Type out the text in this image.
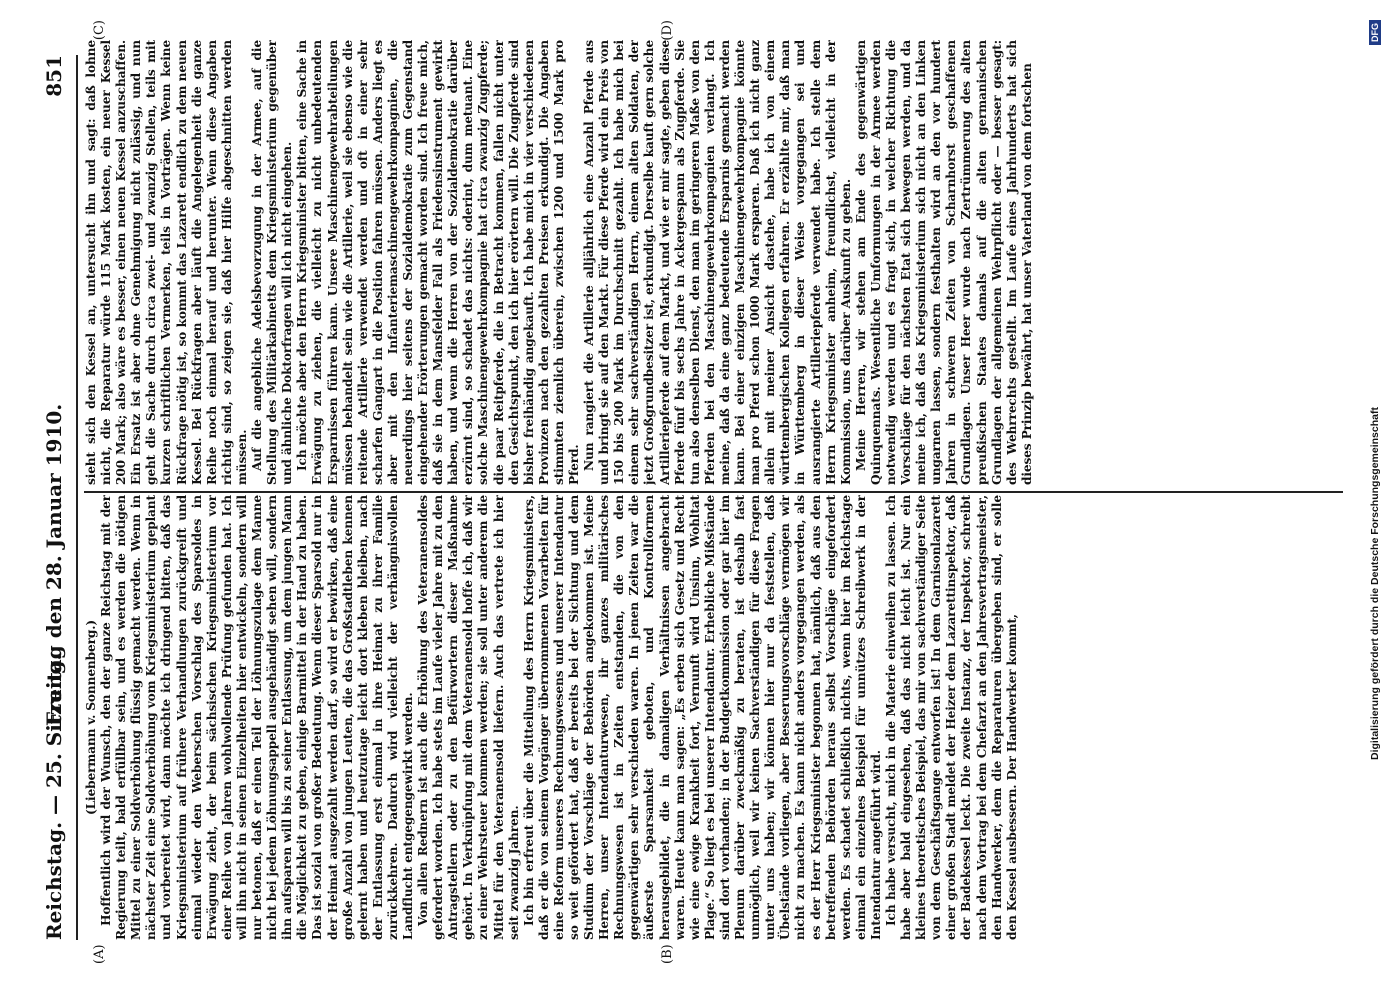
Reichstag. — 25. Sitzung.
Freitag den 28. Januar 1910. 851
(A)	(B)
(C)	(D)

(Liebermann v. Sonnenberg.) Hoffentlich wird der Wunsch, den der ganze Reichstag mit der Regierung teilt, bald erfüllbar sein, und es werden die nötigen Mittel zu einer Soldverhöhung flüssig gemacht werden. Wenn in nächster Zeit eine Soldverhöhung vom Kriegsministerium geplant und vorbereitet wird, dann möchte ich dringend bitten, daß das Kriegsministerium auf frühere Verhandlungen zurückgreift und einmal wieder den Weberschen Vorschlag des Sparsoldes in Erwägung zieht, der beim sächsischen Kriegsministerium vor einer Reihe von Jahren wohlwollende Prüfung gefunden hat. Ich will ihn nicht in seinen Einzelheiten hier entwickeln, sondern will nur betonen, daß er einen Teil der Löhnungszulage dem Manne nicht bei jedem Löhnungsappell ausgehändigt sehen will, sondern ihn aufsparen will bis zu seiner Entlassung, um dem jungen Mann die Möglichkeit zu geben, einige Barmittel in der Hand zu haben. Das ist sozial von großer Bedeutung. Wenn dieser Sparsold nur in der Heimat ausgezahlt werden darf, so wird er bewirken, daß eine große Anzahl von jungen Leuten, die das Großstadtleben kennen gelernt haben und heutzutage leicht dort kleben bleiben, nach der Entlassung erst einmal in ihre Heimat zu ihrer Familie zurückkehren. Dadurch wird vielleicht der verhängnisvollen Landflucht entgegengewirkt werden. Von allen Rednern ist auch die Erhöhung des Veteranensoldes gefordert worden. Ich habe stets im Laufe vieler Jahre mit zu den Antragstellern oder zu den Befürwortern dieser Maßnahme gehört. In Verknüpfung mit dem Veteranensold hoffe ich, daß wir zu einer Wehrsteuer kommen werden; sie soll unter anderem die Mittel für den Veteranensold liefern. Auch das vertrete ich hier seit zwanzig Jahren. Ich bin erfreut über die Mitteilung des Herrn Kriegsministers, daß er die von seinem Vorgänger übernommenen Vorarbeiten für eine Reform unseres Rechnungswesens und unserer Intendantur so weit gefördert hat, daß er bereits bei der Sichtung und dem Studium der Vorschläge der Behörden angekommen ist. Meine Herren, unser Intendanturwesen, ihr ganzes militärisches Rechnungswesen ist in Zeiten entstanden, die von den gegenwärtigen sehr verschieden waren. In jenen Zeiten war die äußerste Sparsamkeit geboten, und Kontrollformen herausgebildet, die in damaligen Verhältnissen angebracht waren. Heute kann man sagen: „Es erben sich Gesetz und Recht wie eine ewige Krankheit fort, Vernunft wird Unsinn, Wohltat Plage.“ So liegt es bei unserer Intendantur. Erhebliche Mißstände sind dort vorhanden; in der Budgetkommission oder gar hier im Plenum darüber zweckmäßig zu beraten, ist deshalb fast unmöglich, weil wir keinen Sachverständigen für diese Fragen unter uns haben; wir können hier nur da feststellen, daß Übelstände vorliegen, aber Besserungsvorschläge vermögen wir nicht zu machen. Es kann nicht anders vorgegangen werden, als es der Herr Kriegsminister begonnen hat, nämlich, daß aus den betreffenden Behörden heraus selbst Vorschläge eingefordert werden. Es schadet schließlich nichts, wenn hier im Reichstage einmal ein einzelnes Beispiel für unnützes Schreibwerk in der Intendantur angeführt wird. Ich habe versucht, mich in die Materie einweihen zu lassen. Ich habe aber bald eingesehen, daß das nicht leicht ist. Nur ein kleines theoretisches Beispiel, das mir von sachverständiger Seite von dem Geschäftsgange entworfen ist! In dem Garnisonlazarett einer großen Stadt meldet der Heizer dem Lazarettinspektor, daß der Badekessel leckt. Die zweite Instanz, der Inspektor, schreibt nach dem Vortrag bei dem Chefarzt an den Jahresvertragsmeister, den Handwerker, dem die Reparaturen übergeben sind, er solle den Kessel ausbessern. Der Handwerker kommt,

sieht sich den Kessel an, untersucht ihn und sagt: daß lohne nicht, die Reparatur würde 115 Mark kosten, ein neuer Kessel 200 Mark; also wäre es besser, einen neuen Kessel anzuschaffen. Ein Ersatz ist aber ohne Genehmigung nicht zulässig, und nun geht die Sache durch circa zwei- und zwanzig Stellen, teils mit kurzen schriftlichen Vermerken, teils in Vorträgen. Wenn keine Rückfrage nötig ist, so kommt das Lazarett endlich zu dem neuen Kessel. Bei Rückfragen aber läuft die Angelegenheit die ganze Reihe noch einmal herauf und herunter. Wenn diese Angaben richtig sind, so zeigen sie, daß hier Hilfe abgeschnitten werden müssen. Auf die angebliche Adelsbevorzugung in der Armee, auf die Stellung des Militärkabinetts dem Kriegsministerium gegenüber und ähnliche Doktorfragen will ich nicht eingehen. Ich möchte aber den Herrn Kriegsminister bitten, eine Sache in Erwägung zu ziehen, die vielleicht zu nicht unbedeutenden Ersparnissen führen kann. Unsere Maschinengewehrabteilungen müssen behandelt sein wie die Artillerie, weil sie ebenso wie die reitende Artillerie verwendet werden und oft in einer sehr scharfen Gangart in die Position fahren müssen. Anders liegt es aber mit den Infanteriemaschinengewehrkompagnien, die neuerdings hier seitens der Sozialdemokratie zum Gegenstand eingehender Erörterungen gemacht worden sind. Ich freue mich, daß sie in dem Mansfelder Fall als Friedensinstrument gewirkt haben, und wenn die Herren von der Sozialdemokratie darüber erzürnt sind, so schadet das nichts: oderint, dum metuant. Eine solche Maschinengewehrkompagnie hat circa zwanzig Zugpferde; die paar Reitpferde, die in Betracht kommen, fallen nicht unter den Gesichtspunkt, den ich hier erörtern will. Die Zugpferde sind bisher freihändig angekauft. Ich habe mich in vier verschiedenen Provinzen nach den gezahlten Preisen erkundigt. Die Angaben stimmten ziemlich überein, zwischen 1200 und 1500 Mark pro Pferd. Nun rangiert die Artillerie alljährlich eine Anzahl Pferde aus und bringt sie auf den Markt. Für diese Pferde wird ein Preis von 150 bis 200 Mark im Durchschnitt gezahlt. Ich habe mich bei einem sehr sachverständigen Herrn, einem alten Soldaten, der jetzt Großgrundbesitzer ist, erkundigt. Derselbe kauft gern solche Artilleriepferde auf dem Markt, und wie er mir sagte, geben diese Pferde fünf bis sechs Jahre in Ackergespann als Zugpferde. Sie tun also denselben Dienst, den man im geringeren Maße von den Pferden bei den Maschinengewehrkompagnien verlangt. Ich meine, daß da eine ganz bedeutende Ersparnis gemacht werden kann. Bei einer einzigen Maschinengewehrkompagnie könnte man pro Pferd schon 1000 Mark ersparen. Daß ich nicht ganz allein mit meiner Ansicht dastehe, habe ich von einem württembergischen Kollegen erfahren. Er erzählte mir, daß man in Württemberg in dieser Weise vorgegangen sei und ausrangierte Artilleriepferde verwendet habe. Ich stelle dem Herrn Kriegsminister anheim, freundlichst, vielleicht in der Kommission, uns darüber Auskunft zu geben. Meine Herren, wir stehen am Ende des gegenwärtigen Quinquennats. Wesentliche Umformungen in der Armee werden notwendig werden und es fragt sich, in welcher Richtung die Vorschläge für den nächsten Etat sich bewegen werden, und da meine ich, daß das Kriegsministerium sich nicht an den Linken ungarnen lassen, sondern festhalten wird an den vor hundert Jahren in schweren Zeiten von Scharnhorst geschaffenen Grundlagen. Unser Heer wurde nach Zertrümmerung des alten preußischen Staates damals auf die alten germanischen Grundlagen der allgemeinen Wehrpflicht oder — besser gesagt: des Wehrrechts gestellt. Im Laufe eines Jahrhunderts hat sich dieses Prinzip bewährt, hat unser Vaterland von dem fortschen

DFG
Digitalisierung gefördert durch die Deutsche Forschungsgemeinschaft
